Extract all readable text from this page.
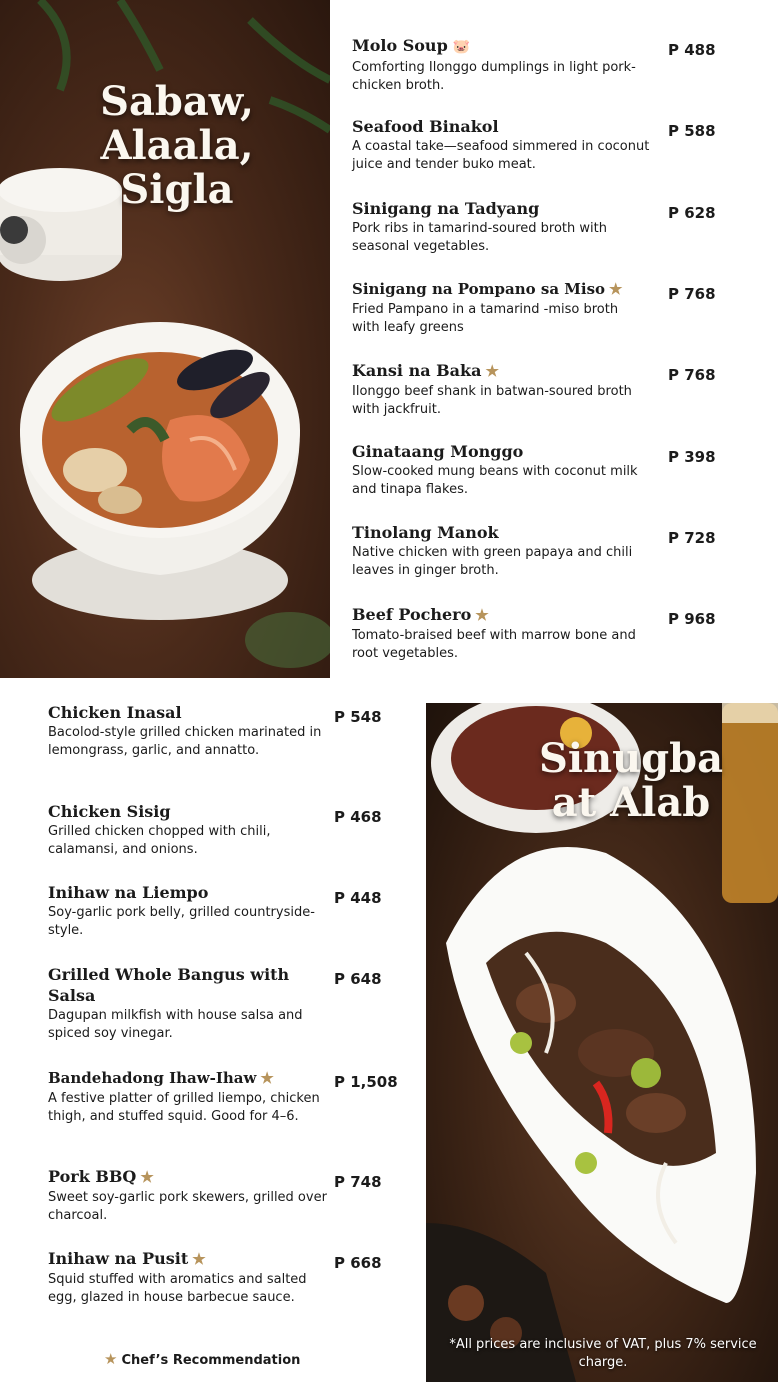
Sabaw,
Alaala,
Sigla
Molo Soup 🐷
Comforting Ilonggo dumplings in light pork-chicken broth.
P 488
Seafood Binakol
A coastal take—seafood simmered in coconut juice and tender buko meat.
P 588
Sinigang na Tadyang
Pork ribs in tamarind-soured broth with seasonal vegetables.
P 628
Sinigang na Pompano sa Miso ★
Fried Pampano in a tamarind -miso broth with leafy greens
P 768
Kansi na Baka ★
Ilonggo beef shank in batwan-soured broth with jackfruit.
P 768
Ginataang Monggo
Slow-cooked mung beans with coconut milk and tinapa flakes.
P 398
Tinolang Manok
Native chicken with green papaya and chili leaves in ginger broth.
P 728
Beef Pochero ★
Tomato-braised beef with marrow bone and root vegetables.
P 968
Chicken Inasal
Bacolod-style grilled chicken marinated in lemongrass, garlic, and annatto.
P 548
Chicken Sisig
Grilled chicken chopped with chili, calamansi, and onions.
P 468
Inihaw na Liempo
Soy-garlic pork belly, grilled countryside-style.
P 448
Grilled Whole Bangus with Salsa
Dagupan milkfish with house salsa and spiced soy vinegar.
P 648
Bandehadong Ihaw-Ihaw ★
A festive platter of grilled liempo, chicken thigh, and stuffed squid. Good for 4–6.
P 1,508
Pork BBQ ★
Sweet soy-garlic pork skewers, grilled over charcoal.
P 748
Inihaw na Pusit ★
Squid stuffed with aromatics and salted egg, glazed in house barbecue sauce.
P 668
★ Chef’s Recommendation
Sinugba
at Alab
*All prices are inclusive of VAT, plus 7% service charge.
